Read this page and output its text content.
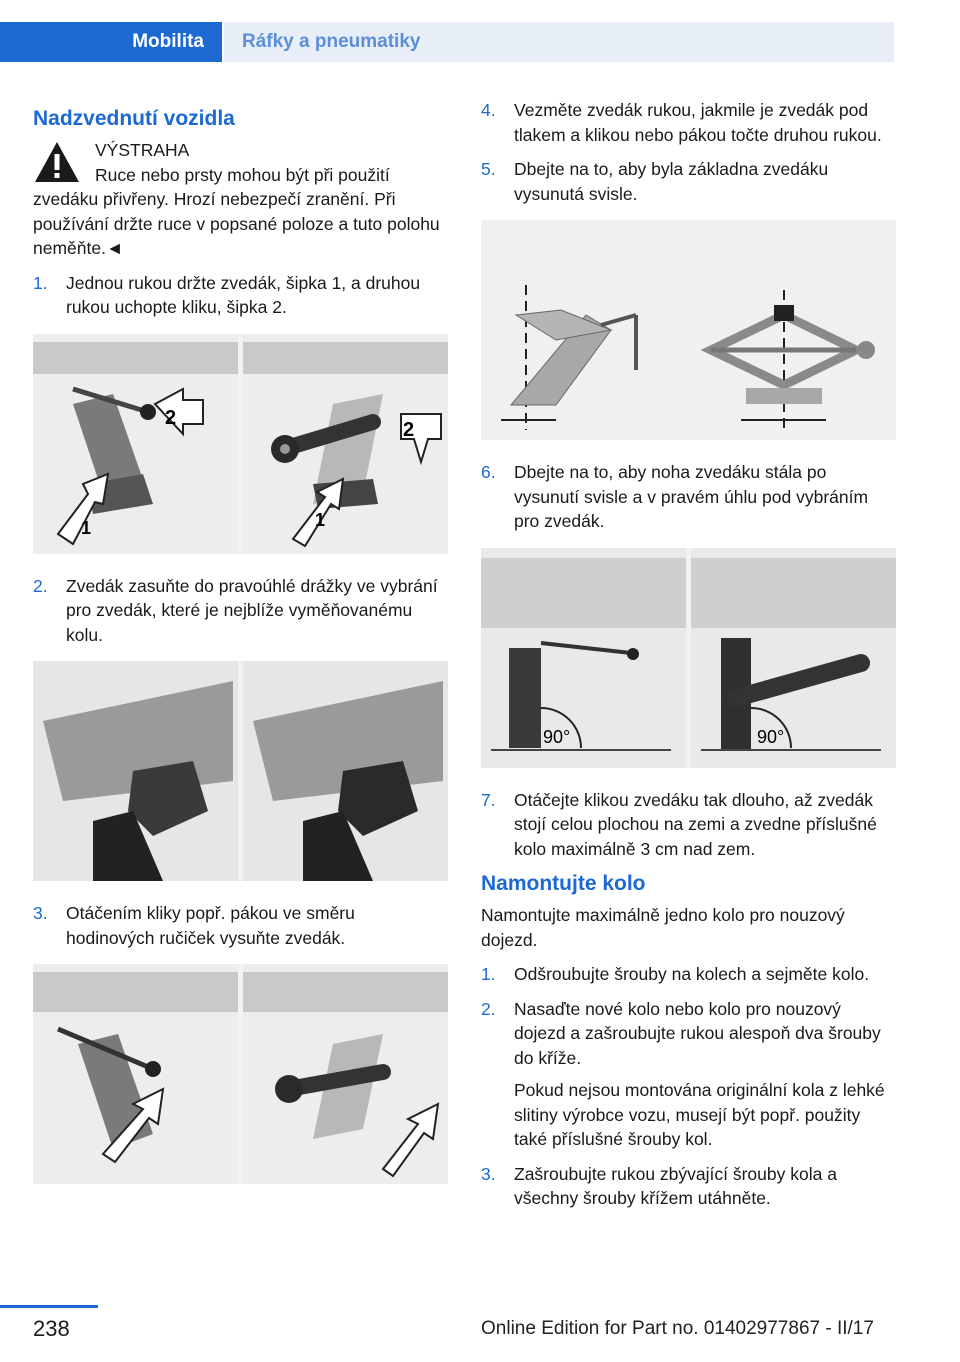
Mobilita	Ráfky a pneumatiky
Nadzvednutí vozidla
VÝSTRAHA

Ruce nebo prsty mohou být při použití zvedáku přivřeny. Hrozí nebezpečí zranění. Při používání držte ruce v popsané poloze a tuto polohu neměňte.◄

1. Jednou rukou držte zvedák, šipka 1, a druhou rukou uchopte kliku, šipka 2.
2
1
2
1
2. Zvedák zasuňte do pravoúhlé drážky ve vybrání pro zvedák, které je nejblíže vyměňovanému kolu.
3. Otáčením kliky popř. pákou ve směru hodinových ručiček vysuňte zvedák.
4. Vezměte zvedák rukou, jakmile je zvedák pod tlakem a klikou nebo pákou točte druhou rukou.
5. Dbejte na to, aby byla základna zvedáku vysunutá svisle.
6. Dbejte na to, aby noha zvedáku stála po vysunutí svisle a v pravém úhlu pod vybráním pro zvedák.
90°	90°
7. Otáčejte klikou zvedáku tak dlouho, až zvedák stojí celou plochou na zemi a zvedne příslušné kolo maximálně 3 cm nad zem.
Namontujte kolo

Namontujte maximálně jedno kolo pro nouzový dojezd.

1. Odšroubujte šrouby na kolech a sejměte kolo.
2. Nasaďte nové kolo nebo kolo pro nouzový dojezd a zašroubujte rukou alespoň dva šrouby do kříže.
Pokud nejsou montována originální kola z lehké slitiny výrobce vozu, musejí být popř. použity také příslušné šrouby kol.
3. Zašroubujte rukou zbývající šrouby kola a všechny šrouby křížem utáhněte.
238	Online Edition for Part no. 01402977867 - II/17
